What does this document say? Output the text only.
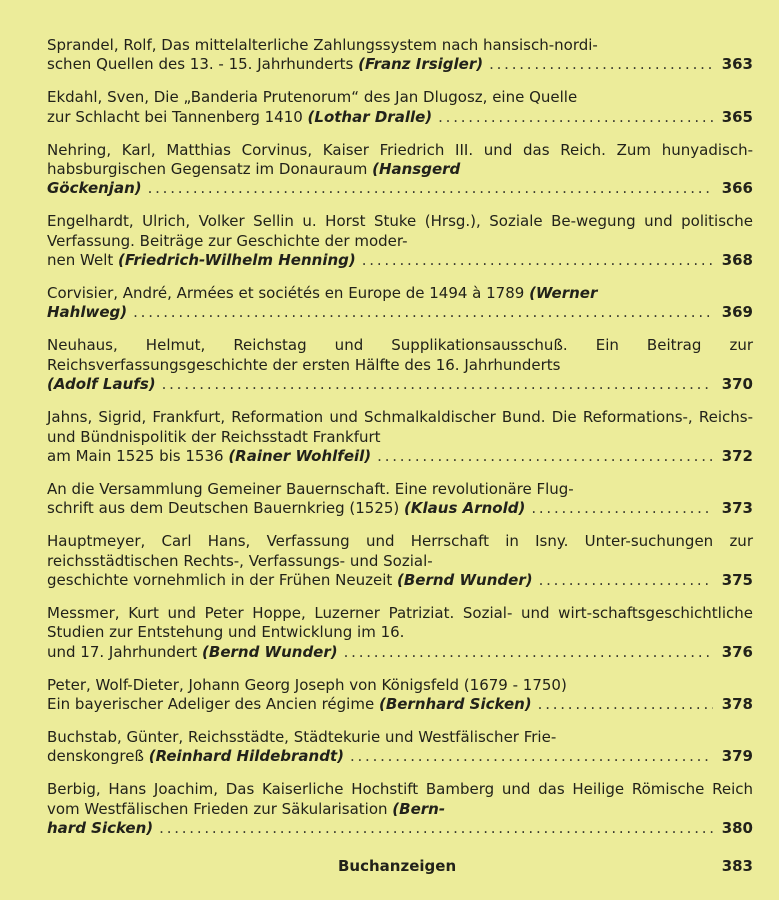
Sprandel, Rolf, Das mittelalterliche Zahlungssystem nach hansisch-nordi-

schen Quellen des 13. - 15. Jahrhunderts (Franz Irsigler) . . .	363

Ekdahl, Sven, Die „Banderia Prutenorum“ des Jan Dlugosz, eine Quelle

zur Schlacht bei Tannenberg 1410 (Lothar Dralle) . . .	365

Nehring, Karl, Matthias Corvinus, Kaiser Friedrich III. und das Reich. Zum hunyadisch-habsburgischen Gegensatz im Donauraum (Hansgerd

Göckenjan) . . .	366

Engelhardt, Ulrich, Volker Sellin u. Horst Stuke (Hrsg.), Soziale Be-wegung und politische Verfassung. Beiträge zur Geschichte der moder-

nen Welt (Friedrich-Wilhelm Henning) . . .	368

Corvisier, André, Armées et sociétés en Europe de 1494 à 1789 (Werner

Hahlweg) . . .	369

Neuhaus, Helmut, Reichstag und Supplikationsausschuß. Ein Beitrag zur Reichsverfassungsgeschichte der ersten Hälfte des 16. Jahrhunderts

(Adolf Laufs) . . .	370

Jahns, Sigrid, Frankfurt, Reformation und Schmalkaldischer Bund. Die Reformations-, Reichs- und Bündnispolitik der Reichsstadt Frankfurt

am Main 1525 bis 1536 (Rainer Wohlfeil) . . .	372

An die Versammlung Gemeiner Bauernschaft. Eine revolutionäre Flug-

schrift aus dem Deutschen Bauernkrieg (1525) (Klaus Arnold) . . .	373

Hauptmeyer, Carl Hans, Verfassung und Herrschaft in Isny. Unter-suchungen zur reichsstädtischen Rechts-, Verfassungs- und Sozial-

geschichte vornehmlich in der Frühen Neuzeit (Bernd Wunder) . . .	375

Messmer, Kurt und Peter Hoppe, Luzerner Patriziat. Sozial- und wirt-schaftsgeschichtliche Studien zur Entstehung und Entwicklung im 16.

und 17. Jahrhundert (Bernd Wunder) . . .	376

Peter, Wolf-Dieter, Johann Georg Joseph von Königsfeld (1679 - 1750)

Ein bayerischer Adeliger des Ancien régime (Bernhard Sicken) . . .	378

Buchstab, Günter, Reichsstädte, Städtekurie und Westfälischer Frie-

denskongreß (Reinhard Hildebrandt) . . .	379

Berbig, Hans Joachim, Das Kaiserliche Hochstift Bamberg und das Heilige Römische Reich vom Westfälischen Frieden zur Säkularisation (Bern-

hard Sicken) . . .	380
Buchanzeigen	383
